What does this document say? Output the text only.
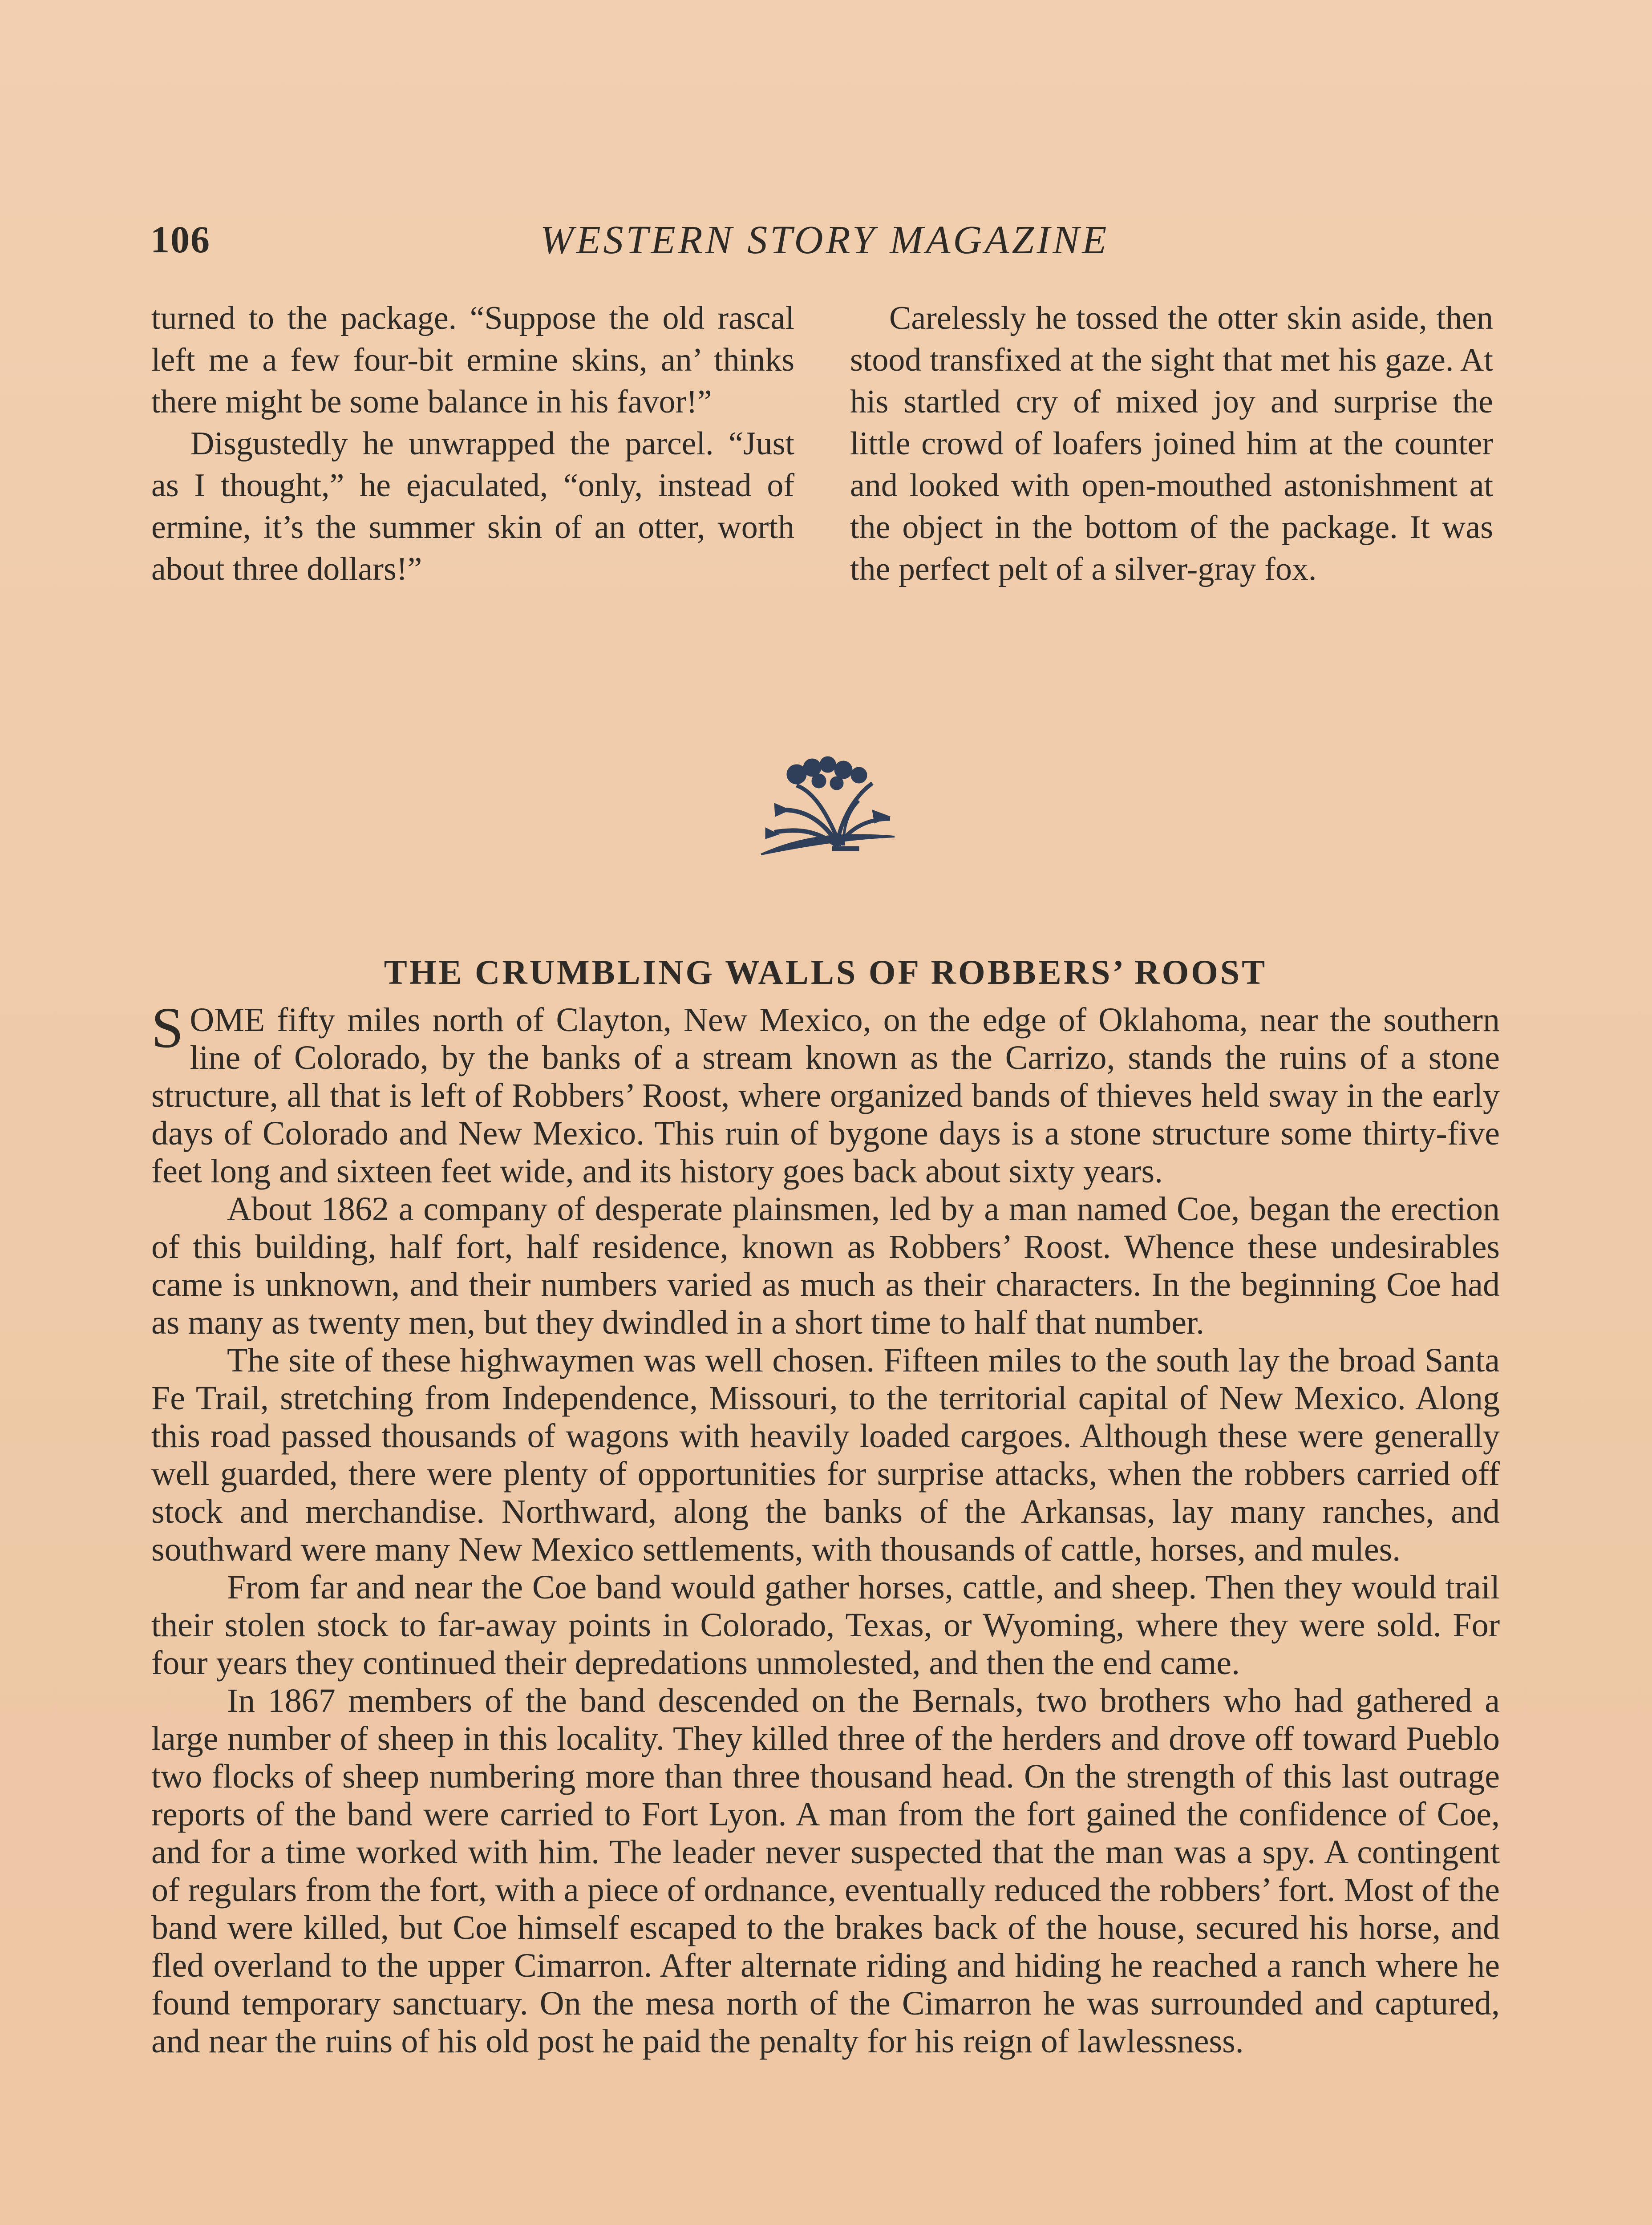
106	WESTERN STORY MAGAZINE

turned to the package. “Suppose the old rascal left me a few four-bit ermine skins, an’ thinks there might be some balance in his favor!”

Disgustedly he unwrapped the parcel. “Just as I thought,” he ejaculated, “only, instead of ermine, it’s the summer skin of an otter, worth about three dollars!”

Carelessly he tossed the otter skin aside, then stood transfixed at the sight that met his gaze. At his startled cry of mixed joy and surprise the little crowd of loafers joined him at the counter and looked with open-mouthed astonishment at the object in the bottom of the package. It was the perfect pelt of a silver-gray fox.

THE CRUMBLING WALLS OF ROBBERS’ ROOST

SOME fifty miles north of Clayton, New Mexico, on the edge of Oklahoma, near the southern line of Colorado, by the banks of a stream known as the Carrizo, stands the ruins of a stone structure, all that is left of Robbers’ Roost, where organized bands of thieves held sway in the early days of Colorado and New Mexico. This ruin of bygone days is a stone structure some thirty-five feet long and sixteen feet wide, and its history goes back about sixty years.

About 1862 a company of desperate plainsmen, led by a man named Coe, began the erection of this building, half fort, half residence, known as Robbers’ Roost. Whence these undesirables came is unknown, and their numbers varied as much as their characters. In the beginning Coe had as many as twenty men, but they dwindled in a short time to half that number.

The site of these highwaymen was well chosen. Fifteen miles to the south lay the broad Santa Fe Trail, stretching from Independence, Missouri, to the territorial capital of New Mexico. Along this road passed thousands of wagons with heavily loaded cargoes. Although these were generally well guarded, there were plenty of opportunities for surprise attacks, when the robbers carried off stock and merchandise. Northward, along the banks of the Arkansas, lay many ranches, and southward were many New Mexico settlements, with thousands of cattle, horses, and mules.

From far and near the Coe band would gather horses, cattle, and sheep. Then they would trail their stolen stock to far-away points in Colorado, Texas, or Wyoming, where they were sold. For four years they continued their depredations unmolested, and then the end came.

In 1867 members of the band descended on the Bernals, two brothers who had gathered a large number of sheep in this locality. They killed three of the herders and drove off toward Pueblo two flocks of sheep numbering more than three thousand head. On the strength of this last outrage reports of the band were carried to Fort Lyon. A man from the fort gained the confidence of Coe, and for a time worked with him. The leader never suspected that the man was a spy. A contingent of regulars from the fort, with a piece of ordnance, eventually reduced the robbers’ fort. Most of the band were killed, but Coe himself escaped to the brakes back of the house, secured his horse, and fled overland to the upper Cimarron. After alternate riding and hiding he reached a ranch where he found temporary sanctuary. On the mesa north of the Cimarron he was surrounded and captured, and near the ruins of his old post he paid the penalty for his reign of lawlessness.
